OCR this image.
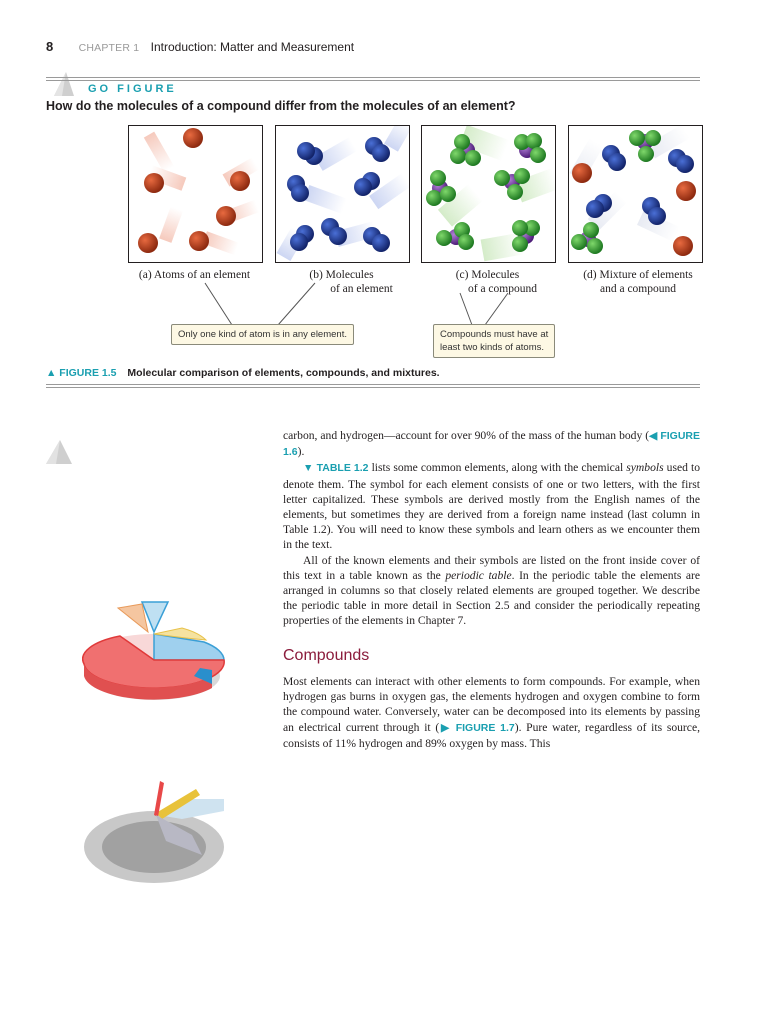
8 CHAPTER 1 Introduction: Matter and Measurement
GO FIGURE
How do the molecules of a compound differ from the molecules of an element?
(a) Atoms of an element	(b) Molecules
of an element
(c) Molecules
of a compound
(d) Mixture of elements
and a compound
Only one kind of atom is in any element.	Compounds must have at
least two kinds of atoms.
▲ FIGURE 1.5 Molecular comparison of elements, compounds, and mixtures.

carbon, and hydrogen—account for over 90% of the mass of the human body (◀ FIGURE 1.6).

▼ TABLE 1.2 lists some common elements, along with the chemical symbols used to denote them. The symbol for each element consists of one or two letters, with the first letter capitalized. These symbols are derived mostly from the English names of the elements, but sometimes they are derived from a foreign name instead (last column in Table 1.2). You will need to know these symbols and learn others as we encounter them in the text.

All of the known elements and their symbols are listed on the front inside cover of this text in a table known as the periodic table. In the periodic table the elements are arranged in columns so that closely related elements are grouped together. We describe the periodic table in more detail in Section 2.5 and consider the periodically repeating properties of the elements in Chapter 7.

Compounds

Most elements can interact with other elements to form compounds. For example, when hydrogen gas burns in oxygen gas, the elements hydrogen and oxygen combine to form the compound water. Conversely, water can be decomposed into its elements by passing an electrical current through it (▶ FIGURE 1.7). Pure water, regardless of its source, consists of 11% hydrogen and 89% oxygen by mass. This
